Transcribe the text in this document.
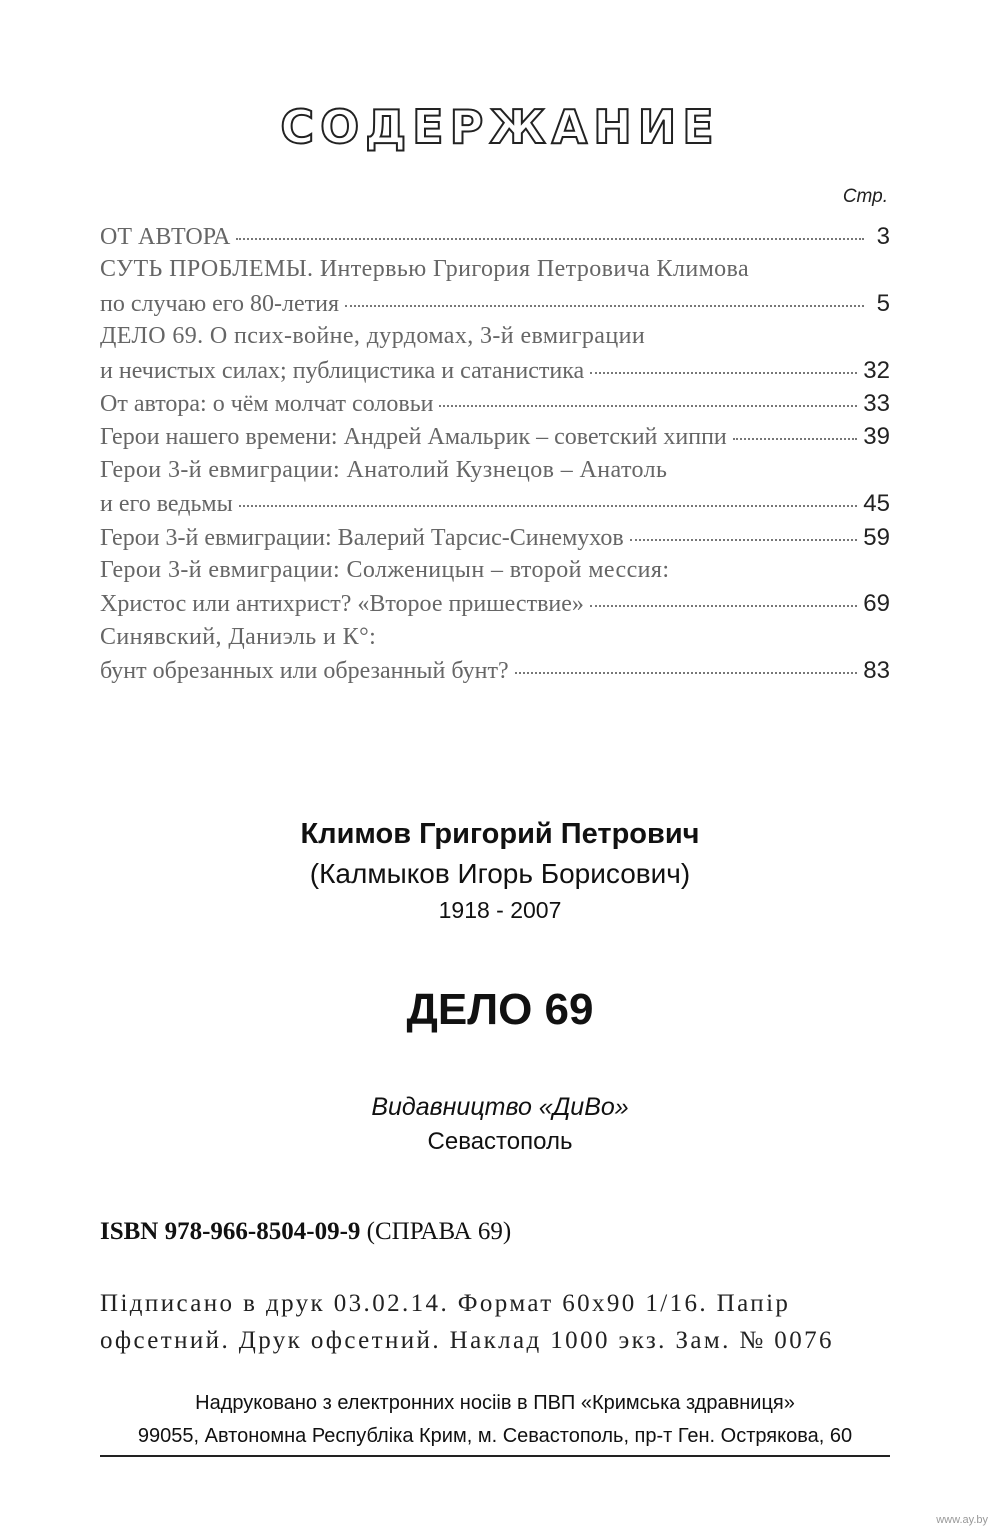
СОДЕРЖАНИЕ
Стр.
ОТ АВТОРА	3
СУТЬ ПРОБЛЕМЫ. Интервью Григория Петровича Климова
по случаю его 80-летия	5
ДЕЛО 69. О псих-войне, дурдомах, 3-й евмиграции
и нечистых силах; публицистика и сатанистика	32
От автора: о чём молчат соловьи	33
Герои нашего времени: Андрей Амальрик – советский хиппи	39
Герои 3-й евмиграции: Анатолий Кузнецов – Анатоль
и его ведьмы	45
Герои 3-й евмиграции: Валерий Тарсис-Синемухов	59
Герои 3-й евмиграции: Солженицын – второй мессия:
Христос или антихрист? «Второе пришествие»	69
Синявский, Даниэль и К°:
бунт обрезанных или обрезанный бунт?	83
Климов Григорий Петрович
(Калмыков Игорь Борисович)
1918 - 2007
ДЕЛО 69
Видавництво «ДиВо»
Севастополь
ISBN 978-966-8504-09-9 (СПРАВА 69)
Підписано в друк 03.02.14. Формат 60х90 1/16. Папір
офсетний. Друк офсетний. Наклад 1000 экз. Зам. № 0076
Надруковано з електронних носіів в ПВП «Кримська здравниця»
99055, Автономна Республіка Крим, м. Севастополь, пр-т Ген. Острякова, 60
www.ay.by
